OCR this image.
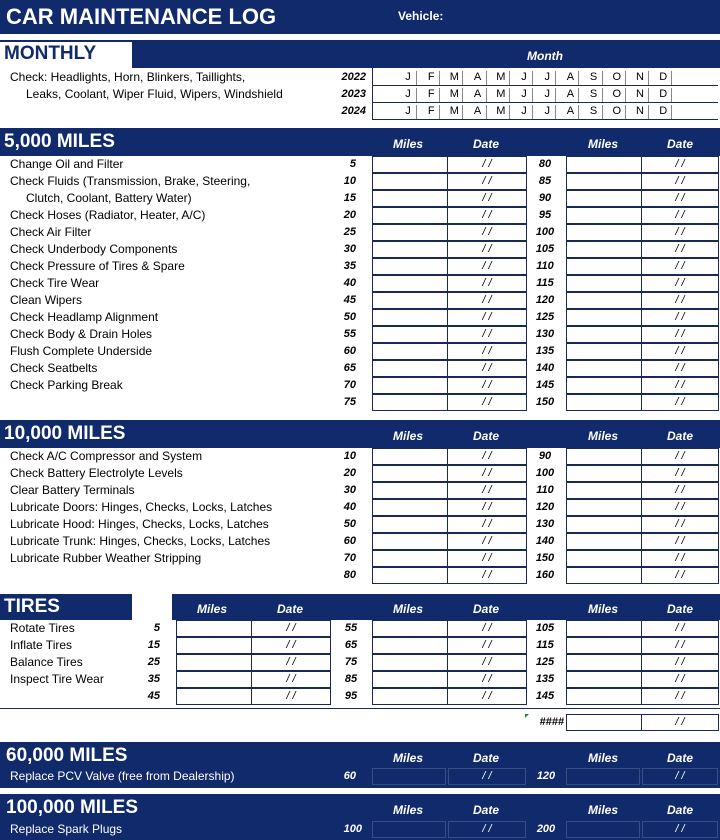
CAR MAINTENANCE LOG	Vehicle:
MONTHLY	Month
Check: Headlights, Horn, Blinkers, Taillights,
Leaks, Coolant, Wiper Fluid, Wipers, Windshield
2022	J	F	M	A	M	J	J	A	S	O	N	D
2023	J	F	M	A	M	J	J	A	S	O	N	D
2024	J	F	M	A	M	J	J	A	S	O	N	D
5,000 MILES	Miles	Date	Miles	Date
Change Oil and Filter	5	/ /	80	/ /
Check Fluids (Transmission, Brake, Steering,	10	/ /	85	/ /
Clutch, Coolant, Battery Water)	15	/ /	90	/ /
Check Hoses (Radiator, Heater, A/C)	20	/ /	95	/ /
Check Air Filter	25	/ /	100	/ /
Check Underbody Components	30	/ /	105	/ /
Check Pressure of Tires & Spare	35	/ /	110	/ /
Check Tire Wear	40	/ /	115	/ /
Clean Wipers	45	/ /	120	/ /
Check Headlamp Alignment	50	/ /	125	/ /
Check Body & Drain Holes	55	/ /	130	/ /
Flush Complete Underside	60	/ /	135	/ /
Check Seatbelts	65	/ /	140	/ /
Check Parking Break	70	/ /	145	/ /
75	/ /	150	/ /
10,000 MILES	Miles	Date	Miles	Date
Check A/C Compressor and System	10	/ /	90	/ /
Check Battery Electrolyte Levels	20	/ /	100	/ /
Clear Battery Terminals	30	/ /	110	/ /
Lubricate Doors: Hinges, Checks, Locks, Latches	40	/ /	120	/ /
Lubricate Hood: Hinges, Checks, Locks, Latches	50	/ /	130	/ /
Lubricate Trunk: Hinges, Checks, Locks, Latches	60	/ /	140	/ /
Lubricate Rubber Weather Stripping	70	/ /	150	/ /
80	/ /	160	/ /
TIRES	Miles	Date	Miles	Date	Miles	Date
Rotate Tires	5	/ /	55	/ /	105	/ /
Inflate Tires	15	/ /	65	/ /	115	/ /
Balance Tires	25	/ /	75	/ /	125	/ /
Inspect Tire Wear	35	/ /	85	/ /	135	/ /
45	/ /	95	/ /	145	/ /
####	/ /
60,000 MILES	Miles	Date	Miles	Date
Replace PCV Valve (free from Dealership)	60	/ /	120	/ /
100,000 MILES	Miles	Date	Miles	Date
Replace Spark Plugs	100	/ /	200	/ /
